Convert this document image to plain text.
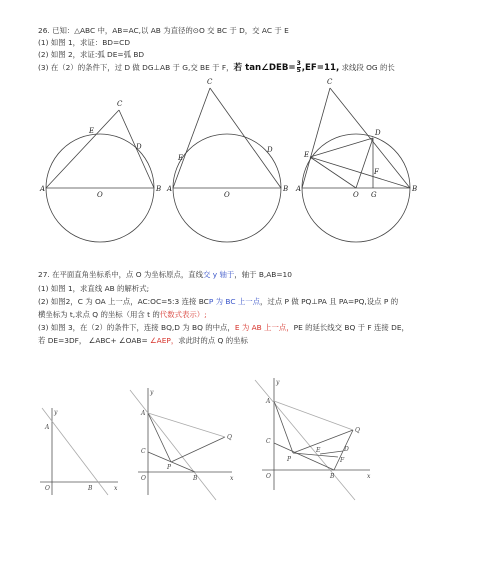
26. 已知：△ABC 中，AB=AC,以 AB 为直径的⊙O 交 BC 于 D，交 AC 于 E
(1) 如图 1，求证：BD=CD
(2) 如图 2，求证:弧 DE=弧 BD
(3) 在（2）的条件下，过 D 做 DG⊥AB 于 G,交 BE 于 F，若 tan∠DEB= $\frac{3}{5} ,EF=11$, 求线段 OG 的长
27. 在平面直角坐标系中，点 O 为坐标原点，直线交 y 轴于，轴于 B,AB=10
(1) 如图 1，求直线 AB 的解析式;
(2) 如图2，C 为 OA 上一点，AC:OC=5:3 连接 BCP 为 BC 上一点，过点 P 做 PQ⊥PA 且 PA=PQ,设点 P 的
横坐标为 t,求点 Q 的坐标（用含 t 的代数式表示）;
(3) 如图 3，在（2）的条件下，连接 BQ,D 为 BQ 的中点，E 为 AB 上一点，PE 的延长线交 BQ 于 F 连接 DE，
若 DE=3DF， ∠ABC+ ∠OAB= ∠AEP，求此时的点 Q 的坐标
A	B
C
D
E
O
A	B
C
D
E
O
A	B
C
D
E
O G
F
y
A
O	B	x
y
A
C
P
Q
O	B	x
y
A
C
P
Q
E	D
F
O	B	x
